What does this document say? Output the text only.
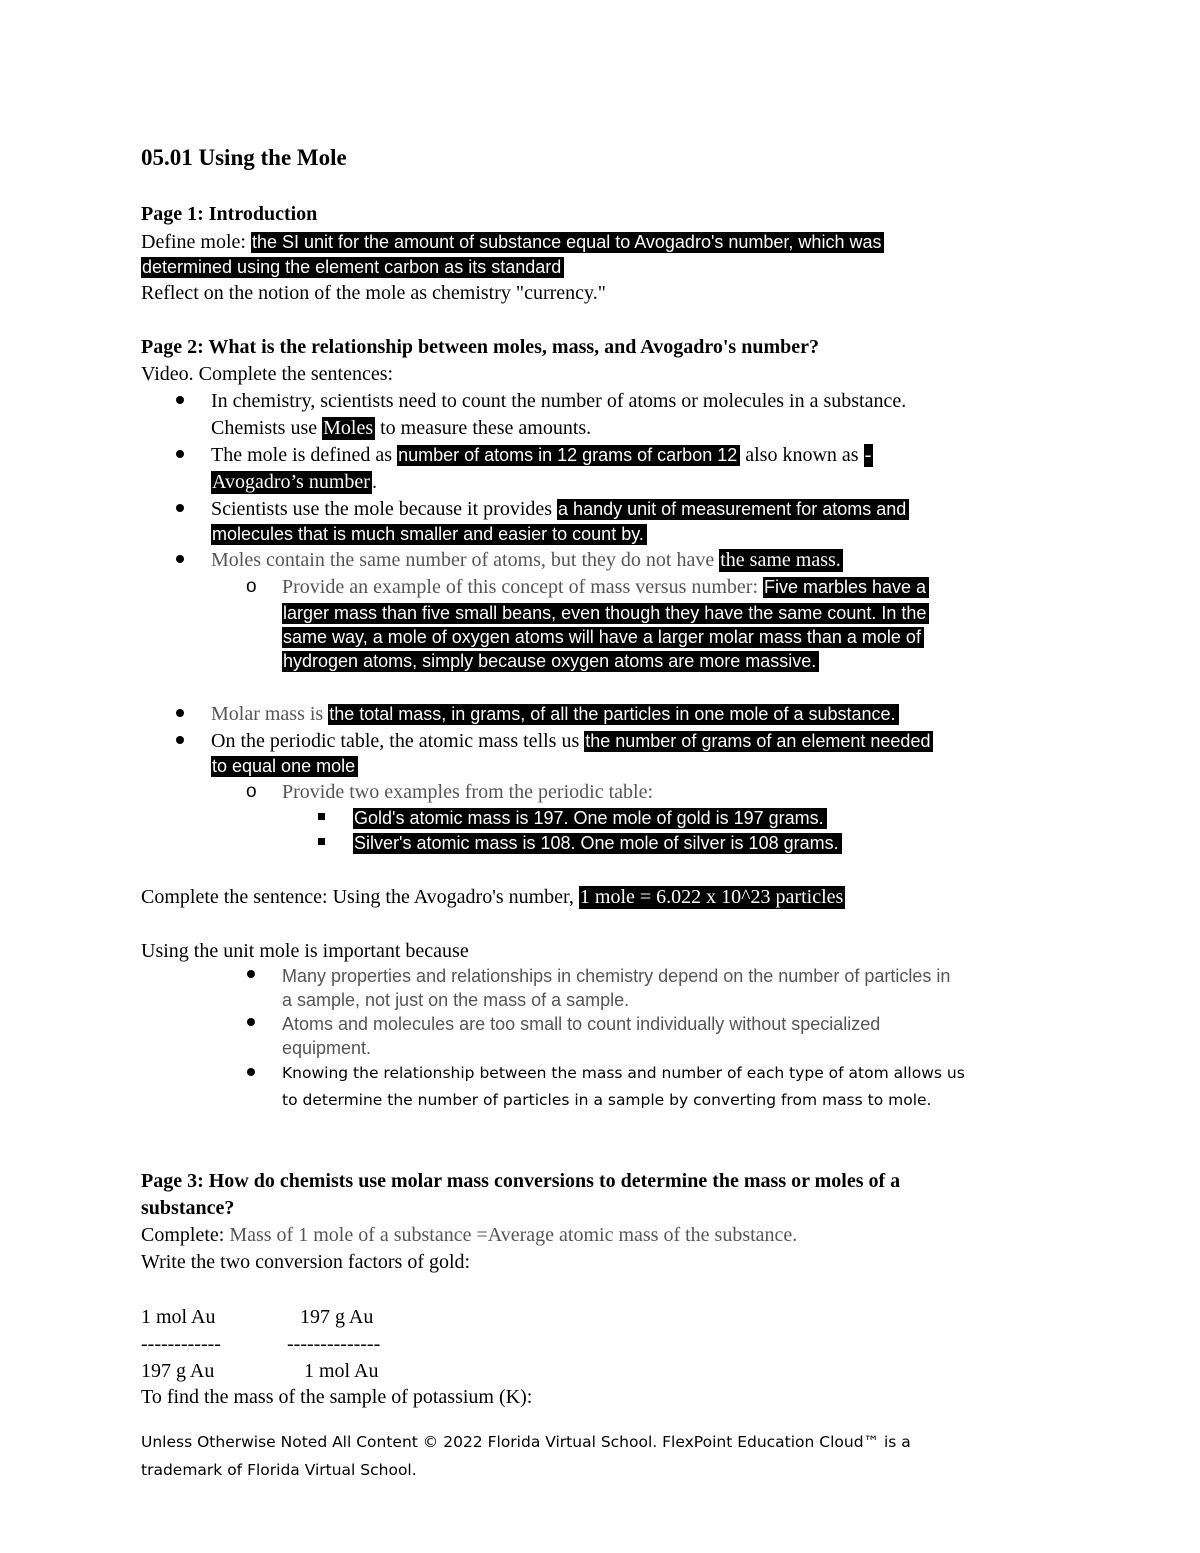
05.01 Using the Mole
Page 1: Introduction
Define mole: the SI unit for the amount of substance equal to Avogadro's number, which was
determined using the element carbon as its standard
Reflect on the notion of the mole as chemistry "currency."
Page 2: What is the relationship between moles, mass, and Avogadro's number?
Video. Complete the sentences:
In chemistry, scientists need to count the number of atoms or molecules in a substance.
Chemists use Moles to measure these amounts.
The mole is defined as number of atoms in 12 grams of carbon 12 also known as -
Avogadro’s number .
Scientists use the mole because it provides a handy unit of measurement for atoms and
molecules that is much smaller and easier to count by.
Moles contain the same number of atoms, but they do not have the same mass.
o Provide an example of this concept of mass versus number: Five marbles have a
larger mass than five small beans, even though they have the same count. In the
same way, a mole of oxygen atoms will have a larger molar mass than a mole of
hydrogen atoms, simply because oxygen atoms are more massive.
Molar mass is the total mass, in grams, of all the particles in one mole of a substance.
On the periodic table, the atomic mass tells us the number of grams of an element needed
to equal one mole
o Provide two examples from the periodic table:
Gold's atomic mass is 197. One mole of gold is 197 grams.
Silver's atomic mass is 108. One mole of silver is 108 grams.
Complete the sentence: Using the Avogadro's number, 1 mole = 6.022 x 10^23 particles
Using the unit mole is important because
Many properties and relationships in chemistry depend on the number of particles in
a sample, not just on the mass of a sample.
Atoms and molecules are too small to count individually without specialized
equipment.
Knowing the relationship between the mass and number of each type of atom allows us
to determine the number of particles in a sample by converting from mass to mole.
Page 3: How do chemists use molar mass conversions to determine the mass or moles of a
substance?
Complete: Mass of 1 mole of a substance =Average atomic mass of the substance.
Write the two conversion factors of gold:
1 mol Au
------------
197 g Au
197 g Au
--------------
1 mol Au
To find the mass of the sample of potassium (K):
Unless Otherwise Noted All Content © 2022 Florida Virtual School. FlexPoint Education Cloud™ is a
trademark of Florida Virtual School.
